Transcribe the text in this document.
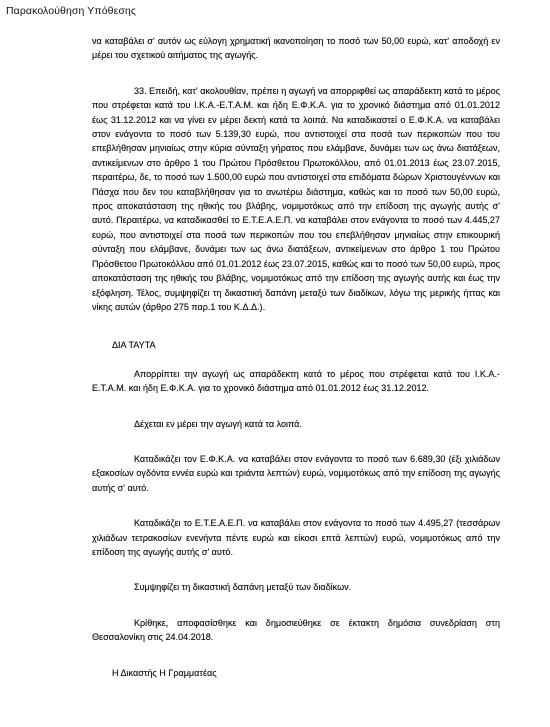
Παρακολούθηση Υπόθεσης

να καταβάλει σ' αυτόν ως εύλογη χρηματική ικανοποίηση το ποσό των 50,00 ευρώ, κατ' αποδοχή εν μέρει του σχετικού αιτήματος της αγωγής.

33. Επειδή, κατ' ακολουθίαν, πρέπει η αγωγή να απορριφθεί ως απαράδεκτη κατά το μέρος που στρέφεται κατά του Ι.Κ.Α.-Ε.Τ.Α.Μ. και ήδη Ε.Φ.Κ.Α. για το χρονικό διάστημα από 01.01.2012 έως 31.12.2012 και να γίνει εν μέρει δεκτή κατά τα λοιπά. Να καταδικαστεί ο Ε.Φ.Κ.Α. να καταβάλει στον ενάγοντα το ποσό των 5.139,30 ευρώ, που αντιστοιχεί στα ποσά των περικοπών που του επεβλήθησαν μηνιαίως στην κύρια σύνταξη γήρατος που ελάμβανε, δυνάμει των ως άνω διατάξεων, αντικείμενων στο άρθρο 1 του Πρώτου Πρόσθετου Πρωτοκόλλου, από 01.01.2013 έως 23.07.2015, περαιτέρω, δε, το ποσό των 1.500,00 ευρώ που αντιστοιχεί στα επιδόματα δώρων Χριστουγέννων και Πάσχα που δεν του καταβλήθησαν για το ανωτέρω διάστημα, καθώς και το ποσό των 50,00 ευρώ, προς αποκατάσταση της ηθικής του βλάβης, νομιμοτόκως από την επίδοση της αγωγής αυτής σ' αυτό. Περαιτέρω, να καταδικασθεί το Ε.Τ.Ε.Α.Ε.Π. να καταβάλει στον ενάγοντα το ποσό των 4.445,27 ευρώ, που αντιστοιχεί στα ποσά των περικοπών που του επεβλήθησαν μηνιαίως στην επικουρική σύνταξη που ελάμβανε, δυνάμει των ως άνω διατάξεων, αντικείμενων στο άρθρο 1 του Πρώτου Πρόσθετου Πρωτοκόλλου από 01.01.2012 έως 23.07.2015, καθώς και το ποσό των 50,00 ευρώ, προς αποκατάσταση της ηθικής του βλάβης, νομιμοτόκως από την επίδοση της αγωγής αυτής και έως την εξόφληση. Τέλος, συμψηφίζει τη δικαστική δαπάνη μεταξύ των διαδίκων, λόγω της μερικής ήττας και νίκης αυτών (άρθρο 275 παρ.1 του Κ.Δ.Δ.).

ΔΙΑ ΤΑΥΤΑ

Απορρίπτει την αγωγή ως απαράδεκτη κατά το μέρος που στρέφεται κατά του Ι.Κ.Α.-Ε.Τ.Α.Μ. και ήδη Ε.Φ.Κ.Α. για το χρονικό διάστημα από 01.01.2012 έως 31.12.2012.

Δέχεται εν μέρει την αγωγή κατά τα λοιπά.

Καταδικάζει τον Ε.Φ.Κ.Α. να καταβάλει στον ενάγοντα το ποσό των 6.689,30 (έξι χιλιάδων εξακοσίων ογδόντα εννέα ευρώ και τριάντα λεπτών) ευρώ, νομιμοτόκως από την επίδοση της αγωγής αυτής σ' αυτό.

Καταδικάζει το Ε.Τ.Ε.Α.Ε.Π. να καταβάλει στον ενάγοντα το ποσό των 4.495,27 (τεσσάρων χιλιάδων τετρακοσίων ενενήντα πέντε ευρώ και είκοσι επτά λεπτών) ευρώ, νομιμοτόκως από την επίδοση της αγωγής αυτής σ' αυτό.

Συμψηφίζει τη δικαστική δαπάνη μεταξύ των διαδίκων.

Κρίθηκε, αποφασίσθηκε και δημοσιεύθηκε σε έκτακτη δημόσια συνεδρίαση στη Θεσσαλονίκη στις 24.04.2018.

Η Δικαστής Η Γραμματέας
